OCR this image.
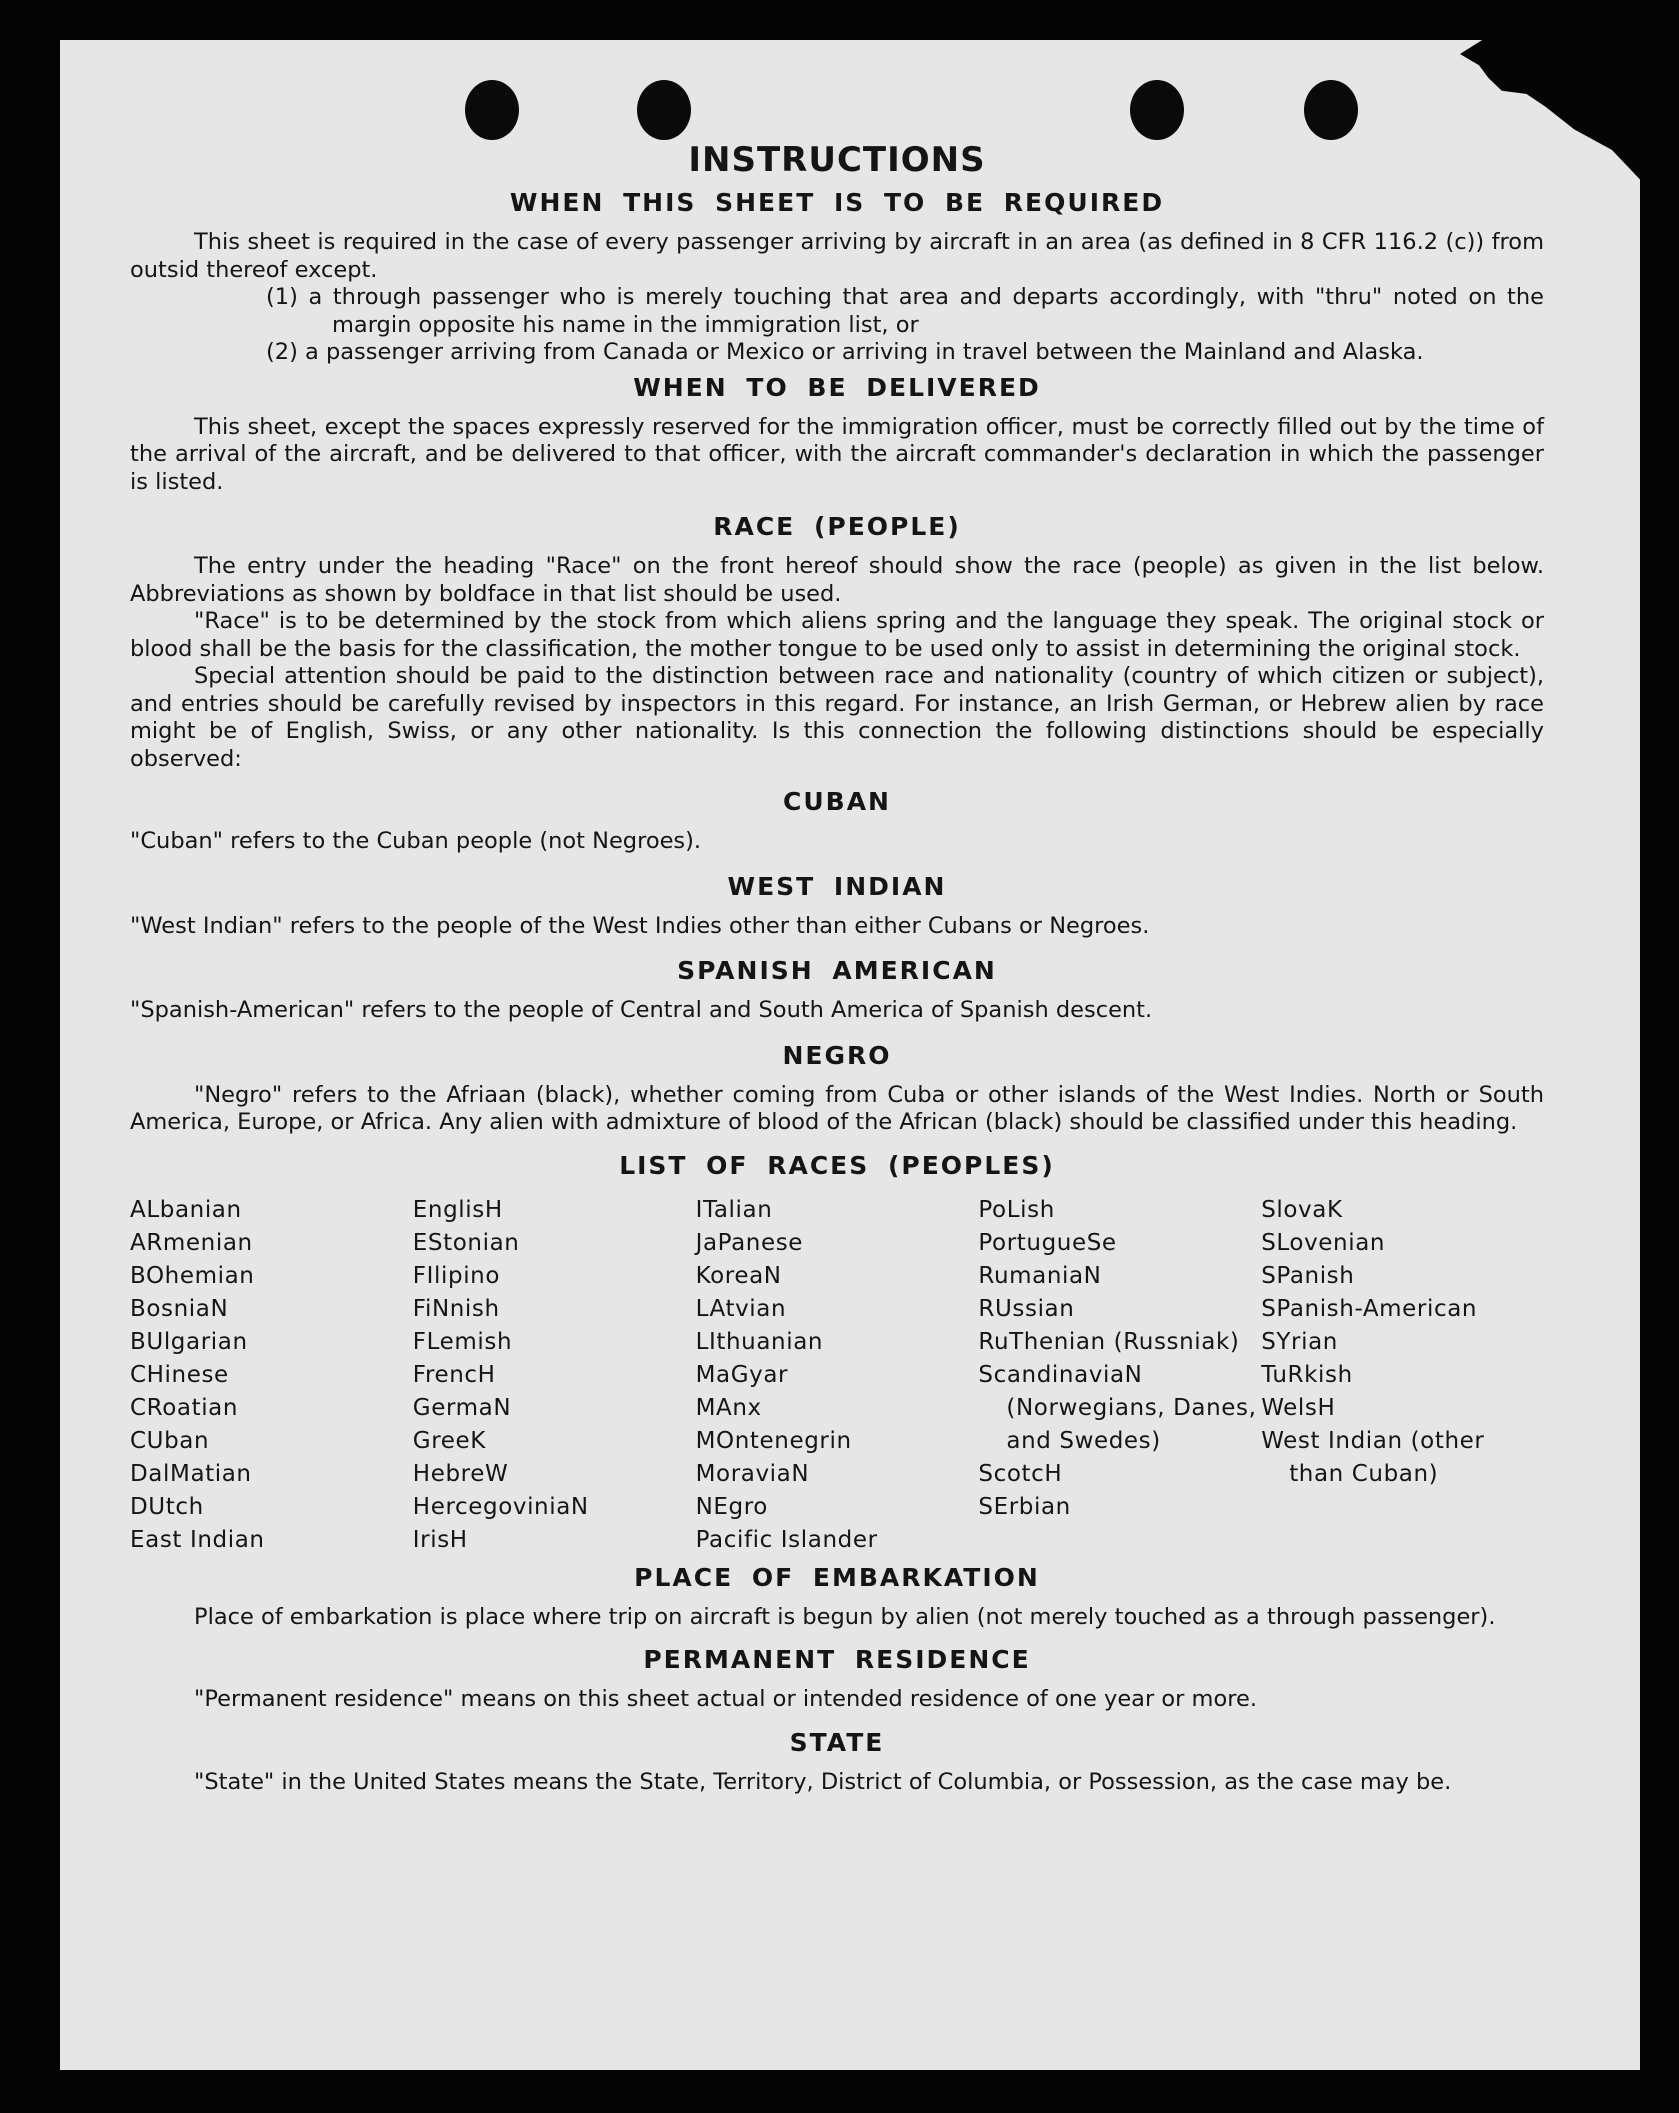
INSTRUCTIONS
WHEN THIS SHEET IS TO BE REQUIRED

This sheet is required in the case of every passenger arriving by aircraft in an area (as defined in 8 CFR 116.2 (c)) from outsid thereof except.

(1) a through passenger who is merely touching that area and departs accordingly, with "thru" noted on the margin opposite his name in the immigration list, or
(2) a passenger arriving from Canada or Mexico or arriving in travel between the Mainland and Alaska.
WHEN TO BE DELIVERED

This sheet, except the spaces expressly reserved for the immigration officer, must be correctly filled out by the time of the arrival of the aircraft, and be delivered to that officer, with the aircraft commander's declaration in which the passenger is listed.

RACE (PEOPLE)

The entry under the heading "Race" on the front hereof should show the race (people) as given in the list below. Abbreviations as shown by boldface in that list should be used.

"Race" is to be determined by the stock from which aliens spring and the language they speak. The original stock or blood shall be the basis for the classification, the mother tongue to be used only to assist in determining the original stock.

Special attention should be paid to the distinction between race and nationality (country of which citizen or subject), and entries should be carefully revised by inspectors in this regard. For instance, an Irish German, or Hebrew alien by race might be of English, Swiss, or any other nationality. Is this connection the following distinctions should be especially observed:

CUBAN

"Cuban" refers to the Cuban people (not Negroes).

WEST INDIAN

"West Indian" refers to the people of the West Indies other than either Cubans or Negroes.

SPANISH AMERICAN

"Spanish-American" refers to the people of Central and South America of Spanish descent.

NEGRO

"Negro" refers to the Afriaan (black), whether coming from Cuba or other islands of the West Indies. North or South America, Europe, or Africa. Any alien with admixture of blood of the African (black) should be classified under this heading.

LIST OF RACES (PEOPLES)
ALbanian
ARmenian
BOhemian
BosniaN
BUlgarian
CHinese
CRoatian
CUban
DalMatian
DUtch
East Indian
EnglisH
EStonian
FIlipino
FiNnish
FLemish
FrencH
GermaN
GreeK
HebreW
HercegoviniaN
IrisH
ITalian
JaPanese
KoreaN
LAtvian
LIthuanian
MaGyar
MAnx
MOntenegrin
MoraviaN
NEgro
Pacific Islander
PoLish
PortugueSe
RumaniaN
RUssian
RuThenian (Russniak)
ScandinaviaN (Norwegians, Danes, and Swedes)
ScotcH
SErbian
SlovaK
SLovenian
SPanish
SPanish-American
SYrian
TuRkish
WelsH
West Indian (other than Cuban)
PLACE OF EMBARKATION

Place of embarkation is place where trip on aircraft is begun by alien (not merely touched as a through passenger).

PERMANENT RESIDENCE

"Permanent residence" means on this sheet actual or intended residence of one year or more.

STATE

"State" in the United States means the State, Territory, District of Columbia, or Possession, as the case may be.
